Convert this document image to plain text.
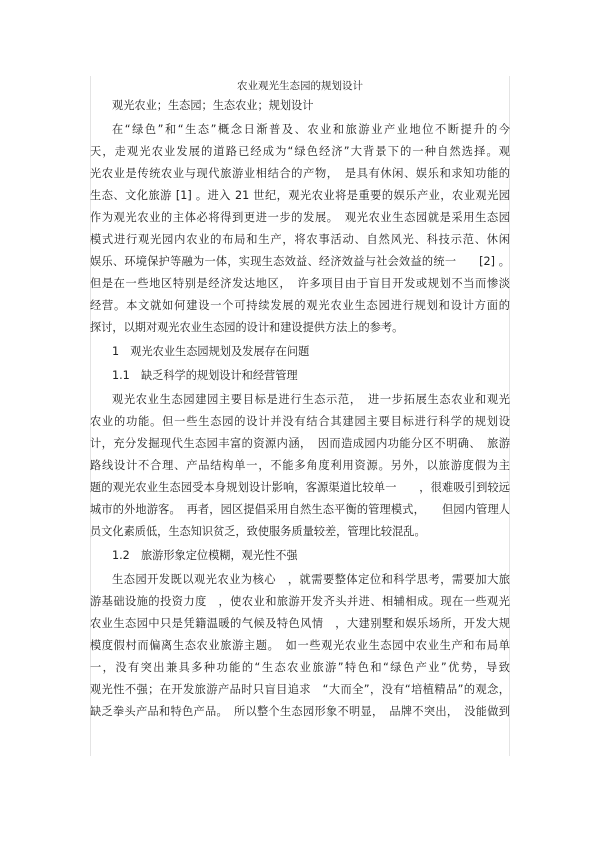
农业观光生态园的规划设计
观光农业；生态园；生态农业；规划设计
在“绿色”和“生态”概念日渐普及、农业和旅游业产业地位不断提升的今
天，走观光农业发展的道路已经成为“绿色经济”大背景下的一种自然选择。观
光农业是传统农业与现代旅游业相结合的产物，　是具有休闲、娱乐和求知功能的
生态、文化旅游 [1] 。进入 21 世纪，观光农业将是重要的娱乐产业，农业观光园
作为观光农业的主体必将得到更进一步的发展。　观光农业生态园就是采用生态园
模式进行观光园内农业的布局和生产，将农事活动、自然风光、科技示范、休闲
娱乐、环境保护等融为一体，实现生态效益、经济效益与社会效益的统一　　[2] 。
但是在一些地区特别是经济发达地区，　许多项目由于盲目开发或规划不当而惨淡
经营。本文就如何建设一个可持续发展的观光农业生态园进行规划和设计方面的
探讨，以期对观光农业生态园的设计和建设提供方法上的参考。
1　观光农业生态园规划及发展存在问题
1.1　缺乏科学的规划设计和经营管理
观光农业生态园建园主要目标是进行生态示范，　进一步拓展生态农业和观光
农业的功能。但一些生态园的设计并没有结合其建园主要目标进行科学的规划设
计，充分发掘现代生态园丰富的资源内涵，　因而造成园内功能分区不明确、　旅游
路线设计不合理、产品结构单一，不能多角度利用资源。另外，以旅游度假为主
题的观光农业生态园受本身规划设计影响，客源渠道比较单一　　，很难吸引到较远
城市的外地游客。　再者，园区提倡采用自然生态平衡的管理模式，　　但园内管理人
员文化素质低，生态知识贫乏，致使服务质量较差，管理比较混乱。
1.2　旅游形象定位模糊，观光性不强
生态园开发既以观光农业为核心　，就需要整体定位和科学思考，需要加大旅
游基础设施的投资力度　，使农业和旅游开发齐头并进、相辅相成。现在一些观光
农业生态园中只是凭籍温暖的气候及特色风情　，大建别墅和娱乐场所，开发大规
模度假村而偏离生态农业旅游主题。　如一些观光农业生态园中农业生产和布局单
一，没有突出兼具多种功能的“生态农业旅游”特色和“绿色产业”优势，导致
观光性不强；在开发旅游产品时只盲目追求　“大而全”，没有“培植精品”的观念，
缺乏拳头产品和特色产品。　所以整个生态园形象不明显，　品牌不突出，　没能做到
